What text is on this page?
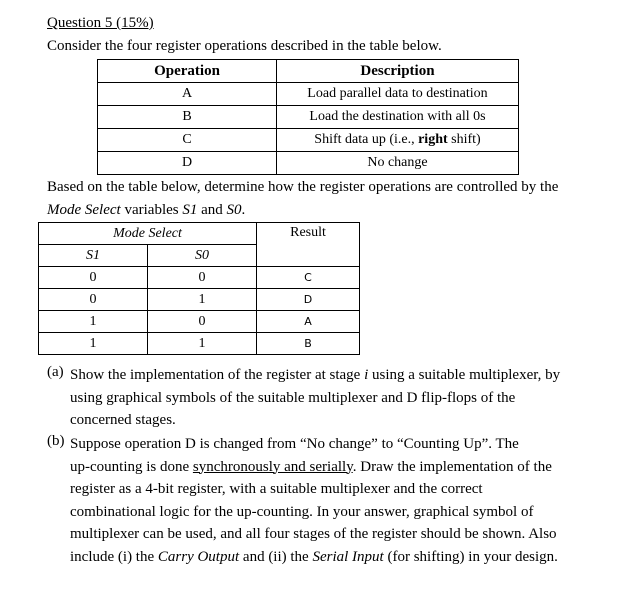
Question 5 (15%)
Consider the four register operations described in the table below.
Operation	Description
A	Load parallel data to destination
B	Load the destination with all 0s
C	Shift data up (i.e., right shift)
D	No change
Based on the table below, determine how the register operations are controlled by the
Mode Select variables S1 and S0.
Mode Select		Result
S1	S0	
0	0	C
0	1	D
1	0	A
1	1	B
(a) Show the implementation of the register at stage i using a suitable multiplexer, by
using graphical symbols of the suitable multiplexer and D flip-flops of the
concerned stages.
(b) Suppose operation D is changed from “No change” to “Counting Up”. The
up-counting is done synchronously and serially. Draw the implementation of the
register as a 4-bit register, with a suitable multiplexer and the correct
combinational logic for the up-counting. In your answer, graphical symbol of
multiplexer can be used, and all four stages of the register should be shown. Also
include (i) the Carry Output and (ii) the Serial Input (for shifting) in your design.
